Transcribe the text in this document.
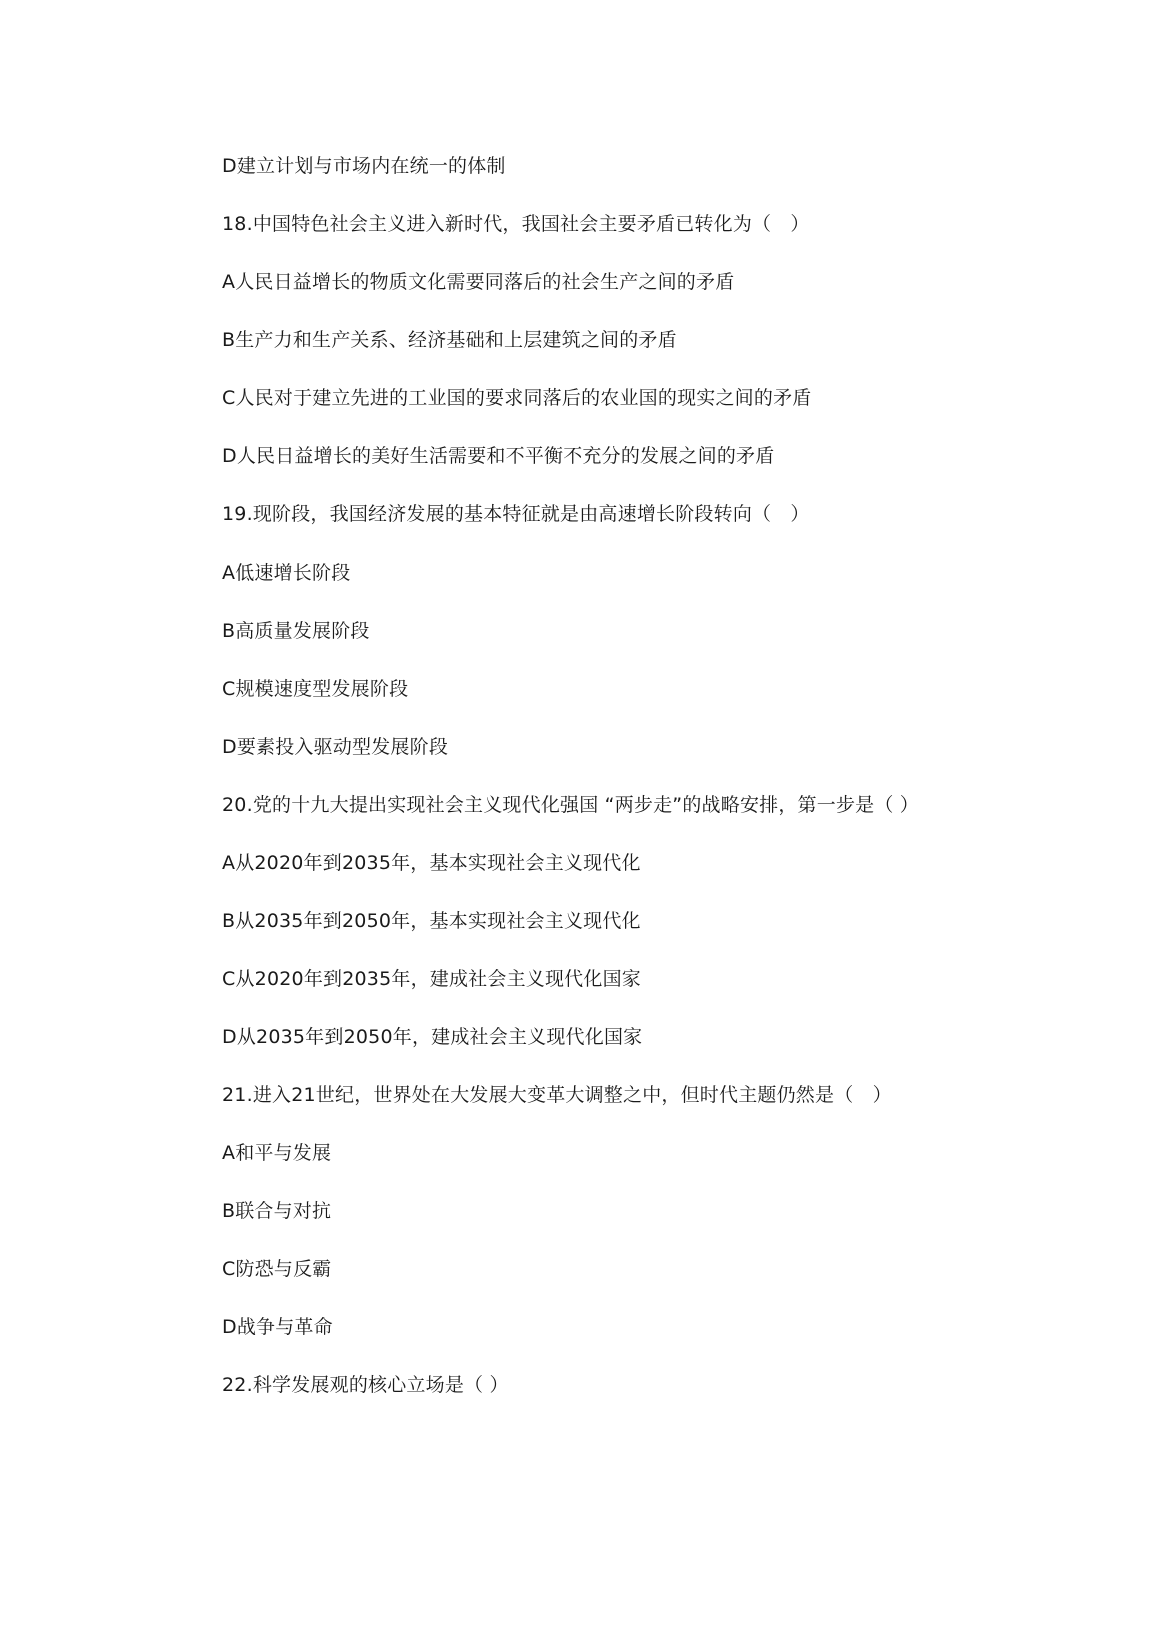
D建立计划与市场内在统一的体制
18.中国特色社会主义进入新时代，我国社会主要矛盾已转化为（　）
A人民日益增长的物质文化需要同落后的社会生产之间的矛盾
B生产力和生产关系、经济基础和上层建筑之间的矛盾
C人民对于建立先进的工业国的要求同落后的农业国的现实之间的矛盾
D人民日益增长的美好生活需要和不平衡不充分的发展之间的矛盾
19.现阶段，我国经济发展的基本特征就是由高速增长阶段转向（　）
A低速增长阶段
B高质量发展阶段
C规模速度型发展阶段
D要素投入驱动型发展阶段
20.党的十九大提出实现社会主义现代化强国 “两步走”的战略安排，第一步是（ ）
A从2020年到2035年，基本实现社会主义现代化
B从2035年到2050年，基本实现社会主义现代化
C从2020年到2035年，建成社会主义现代化国家
D从2035年到2050年，建成社会主义现代化国家
21.进入21世纪，世界处在大发展大变革大调整之中，但时代主题仍然是（　）
A和平与发展
B联合与对抗
C防恐与反霸
D战争与革命
22.科学发展观的核心立场是（ ）
